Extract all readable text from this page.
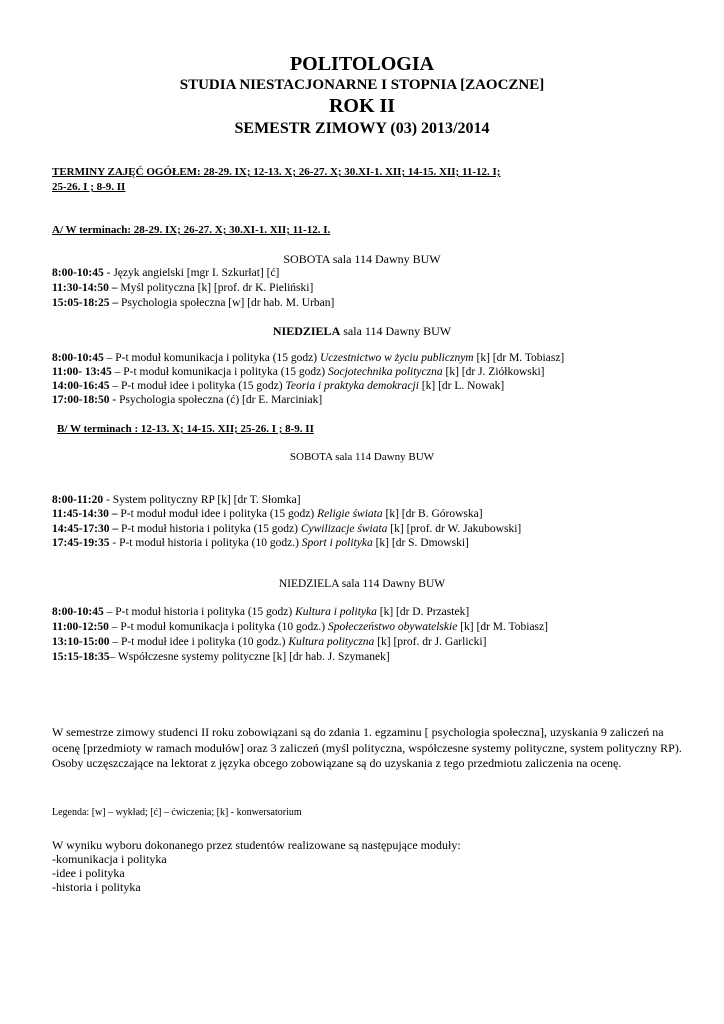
POLITOLOGIA
STUDIA NIESTACJONARNE I STOPNIA [ZAOCZNE]
ROK II
SEMESTR ZIMOWY (03) 2013/2014
TERMINY ZAJĘĆ OGÓŁEM: 28-29. IX; 12-13. X; 26-27. X; 30.XI-1. XII; 14-15. XII; 11-12. I;
25-26. I ; 8-9. II
A/ W terminach: 28-29. IX; 26-27. X; 30.XI-1. XII; 11-12. I.
SOBOTA sala 114 Dawny BUW
8:00-10:45 - Język angielski [mgr I. Szkurłat] [ć]
11:30-14:50 – Myśl polityczna [k] [prof. dr K. Pieliński]
15:05-18:25 – Psychologia społeczna [w] [dr hab. M. Urban]
NIEDZIELA sala 114 Dawny BUW
8:00-10:45 – P-t moduł komunikacja i polityka (15 godz) Uczestnictwo w życiu publicznym [k] [dr M. Tobiasz]
11:00- 13:45 – P-t moduł komunikacja i polityka (15 godz) Socjotechnika polityczna [k] [dr J. Ziółkowski]
14:00-16:45 – P-t moduł idee i polityka (15 godz) Teoria i praktyka demokracji [k] [dr L. Nowak]
17:00-18:50 - Psychologia społeczna (ć) [dr E. Marciniak]
B/ W terminach : 12-13. X; 14-15. XII; 25-26. I ; 8-9. II
SOBOTA sala 114 Dawny BUW
8:00-11:20 - System polityczny RP [k] [dr T. Słomka]
11:45-14:30 – P-t moduł moduł idee i polityka (15 godz) Religie świata [k] [dr B. Górowska]
14:45-17:30 – P-t moduł historia i polityka (15 godz) Cywilizacje świata [k] [prof. dr W. Jakubowski]
17:45-19:35 - P-t moduł historia i polityka (10 godz.) Sport i polityka [k] [dr S. Dmowski]
NIEDZIELA sala 114 Dawny BUW
8:00-10:45 – P-t moduł historia i polityka (15 godz) Kultura i polityka [k] [dr D. Przastek]
11:00-12:50 – P-t moduł komunikacja i polityka (10 godz.) Społeczeństwo obywatelskie [k] [dr M. Tobiasz]
13:10-15:00 – P-t moduł idee i polityka (10 godz.) Kultura polityczna [k] [prof. dr J. Garlicki]
15:15-18:35– Współczesne systemy polityczne [k] [dr hab. J. Szymanek]
W semestrze zimowy studenci II roku zobowiązani są do zdania 1. egzaminu [ psychologia społeczna], uzyskania 9 zaliczeń na ocenę [przedmioty w ramach modułów] oraz 3 zaliczeń (myśl polityczna, współczesne systemy polityczne, system polityczny RP). Osoby uczęszczające na lektorat z języka obcego zobowiązane są do uzyskania z tego przedmiotu zaliczenia na ocenę.
Legenda: [w] – wykład; [ć] – ćwiczenia; [k] - konwersatorium
W wyniku wyboru dokonanego przez studentów realizowane są następujące moduły:
-komunikacja i polityka
-idee i polityka
-historia i polityka
